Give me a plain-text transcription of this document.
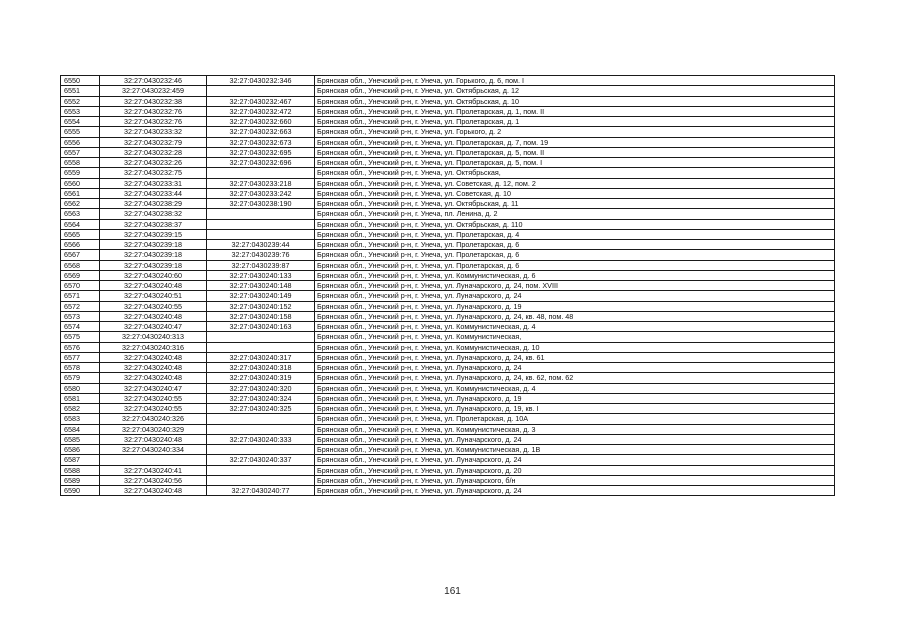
6550	32:27:0430232:46	32:27:0430232:346	Брянская обл., Унечский р-н, г. Унеча, ул. Горького, д. 6, пом. I
6551	32:27:0430232:459		Брянская обл., Унечский р-н, г. Унеча, ул. Октябрьская, д. 12
6552	32:27:0430232:38	32:27:0430232:467	Брянская обл., Унечский р-н, г. Унеча, ул. Октябрьская, д. 10
6553	32:27:0430232:76	32:27:0430232:472	Брянская обл., Унечский р-н, г. Унеча, ул. Пролетарская, д. 1, пом. II
6554	32:27:0430232:76	32:27:0430232:660	Брянская обл., Унечский р-н, г. Унеча, ул. Пролетарская, д. 1
6555	32:27:0430233:32	32:27:0430232:663	Брянская обл., Унечский р-н, г. Унеча, ул. Горького, д. 2
6556	32:27:0430232:79	32:27:0430232:673	Брянская обл., Унечский р-н, г. Унеча, ул. Пролетарская, д. 7, пом. 19
6557	32:27:0430232:28	32:27:0430232:695	Брянская обл., Унечский р-н, г. Унеча, ул. Пролетарская, д. 5, пом. II
6558	32:27:0430232:26	32:27:0430232:696	Брянская обл., Унечский р-н, г. Унеча, ул. Пролетарская, д. 5, пом. I
6559	32:27:0430232:75		Брянская обл., Унечский р-н, г. Унеча, ул. Октябрьская,
6560	32:27:0430233:31	32:27:0430233:218	Брянская обл., Унечский р-н, г. Унеча, ул. Советская, д. 12, пом. 2
6561	32:27:0430233:44	32:27:0430233:242	Брянская обл., Унечский р-н, г. Унеча, ул. Советская, д. 10
6562	32:27:0430238:29	32:27:0430238:190	Брянская обл., Унечский р-н, г. Унеча, ул. Октябрьская, д. 11
6563	32:27:0430238:32		Брянская обл., Унечский р-н, г. Унеча, пл. Ленина, д. 2
6564	32:27:0430238:37		Брянская обл., Унечский р-н, г. Унеча, ул. Октябрьская, д. 110
6565	32:27:0430239:15		Брянская обл., Унечский р-н, г. Унеча, ул. Пролетарская, д. 4
6566	32:27:0430239:18	32:27:0430239:44	Брянская обл., Унечский р-н, г. Унеча, ул. Пролетарская, д. 6
6567	32:27:0430239:18	32:27:0430239:76	Брянская обл., Унечский р-н, г. Унеча, ул. Пролетарская, д. 6
6568	32:27:0430239:18	32:27:0430239:87	Брянская обл., Унечский р-н, г. Унеча, ул. Пролетарская, д. 6
6569	32:27:0430240:60	32:27:0430240:133	Брянская обл., Унечский р-н, г. Унеча, ул. Коммунистическая, д. 6
6570	32:27:0430240:48	32:27:0430240:148	Брянская обл., Унечский р-н, г. Унеча, ул. Луначарского, д. 24, пом. XVIII
6571	32:27:0430240:51	32:27:0430240:149	Брянская обл., Унечский р-н, г. Унеча, ул. Луначарского, д. 24
6572	32:27:0430240:55	32:27:0430240:152	Брянская обл., Унечский р-н, г. Унеча, ул. Луначарского, д. 19
6573	32:27:0430240:48	32:27:0430240:158	Брянская обл., Унечский р-н, г. Унеча, ул. Луначарского, д. 24, кв. 48, пом. 48
6574	32:27:0430240:47	32:27:0430240:163	Брянская обл., Унечский р-н, г. Унеча, ул. Коммунистическая, д. 4
6575	32:27:0430240:313		Брянская обл., Унечский р-н, г. Унеча, ул. Коммунистическая,
6576	32:27:0430240:316		Брянская обл., Унечский р-н, г. Унеча, ул. Коммунистическая, д. 10
6577	32:27:0430240:48	32:27:0430240:317	Брянская обл., Унечский р-н, г. Унеча, ул. Луначарского, д. 24, кв. 61
6578	32:27:0430240:48	32:27:0430240:318	Брянская обл., Унечский р-н, г. Унеча, ул. Луначарского, д. 24
6579	32:27:0430240:48	32:27:0430240:319	Брянская обл., Унечский р-н, г. Унеча, ул. Луначарского, д. 24, кв. 62, пом. 62
6580	32:27:0430240:47	32:27:0430240:320	Брянская обл., Унечский р-н, г. Унеча, ул. Коммунистическая, д. 4
6581	32:27:0430240:55	32:27:0430240:324	Брянская обл., Унечский р-н, г. Унеча, ул. Луначарского, д. 19
6582	32:27:0430240:55	32:27:0430240:325	Брянская обл., Унечский р-н, г. Унеча, ул. Луначарского, д. 19, кв. I
6583	32:27:0430240:326		Брянская обл., Унечский р-н, г. Унеча, ул. Пролетарская, д. 10А
6584	32:27:0430240:329		Брянская обл., Унечский р-н, г. Унеча, ул. Коммунистическая, д. 3
6585	32:27:0430240:48	32:27:0430240:333	Брянская обл., Унечский р-н, г. Унеча, ул. Луначарского, д. 24
6586	32:27:0430240:334		Брянская обл., Унечский р-н, г. Унеча, ул. Коммунистическая, д. 1В
6587		32:27:0430240:337	Брянская обл., Унечский р-н, г. Унеча, ул. Луначарского, д. 24
6588	32:27:0430240:41		Брянская обл., Унечский р-н, г. Унеча, ул. Луначарского, д. 20
6589	32:27:0430240:56		Брянская обл., Унечский р-н, г. Унеча, ул. Луначарского, б/н
6590	32:27:0430240:48	32:27:0430240:77	Брянская обл., Унечский р-н, г. Унеча, ул. Луначарского, д. 24
161
